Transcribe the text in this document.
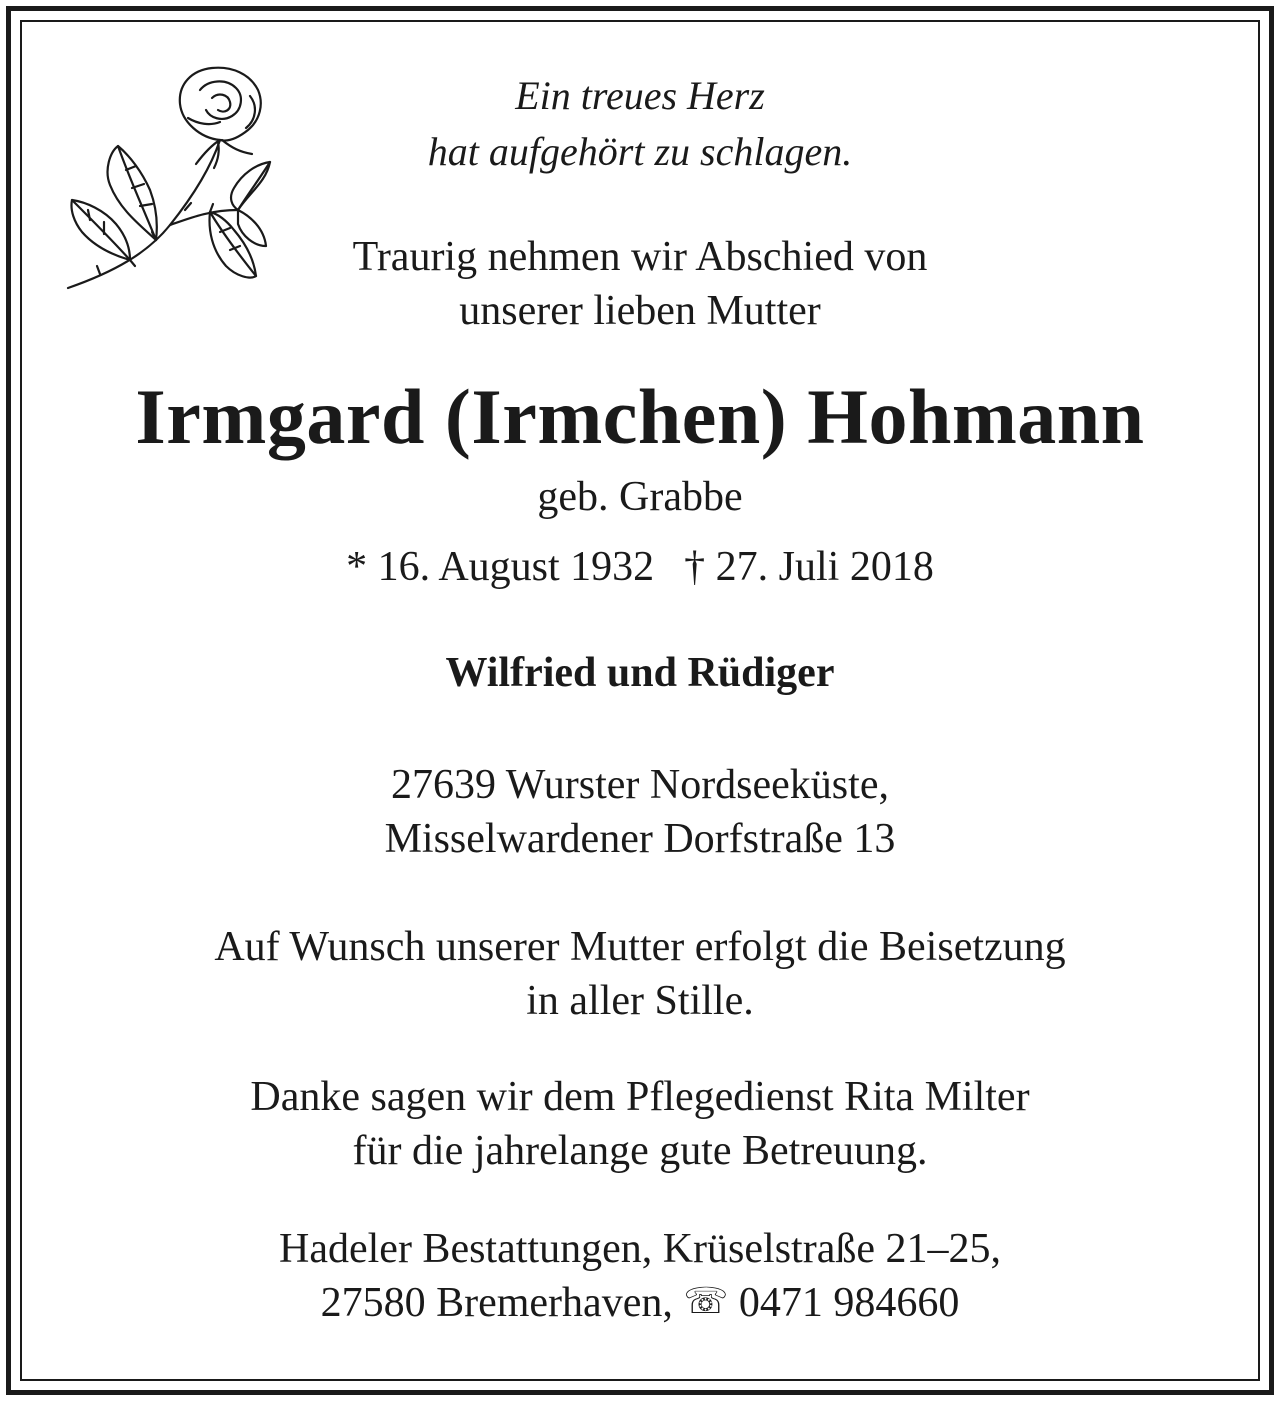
Ein treues Herz
hat aufgehört zu schlagen.
Traurig nehmen wir Abschied von
unserer lieben Mutter
Irmgard (Irmchen) Hohmann
geb. Grabbe
* 16. August 1932 † 27. Juli 2018
Wilfried und Rüdiger
27639 Wurster Nordseeküste,
Misselwardener Dorfstraße 13
Auf Wunsch unserer Mutter erfolgt die Beisetzung
in aller Stille.
Danke sagen wir dem Pflegedienst Rita Milter
für die jahrelange gute Betreuung.
Hadeler Bestattungen, Krüselstraße 21–25,
27580 Bremerhaven, ☏ 0471 984660
